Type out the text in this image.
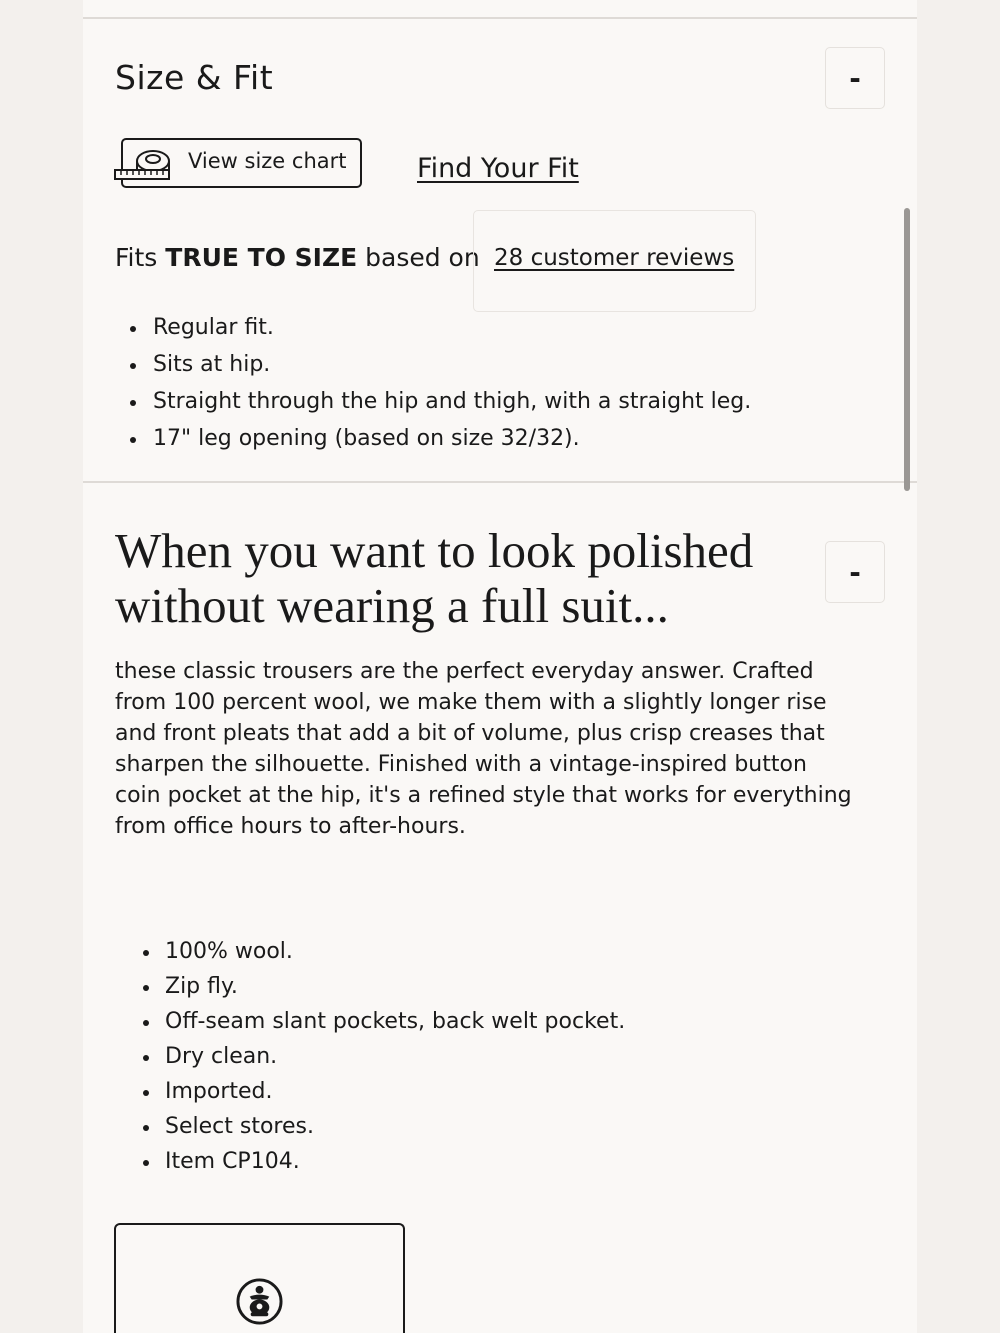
Size & Fit	-
View size chart	Find Your Fit

Fits TRUE TO SIZE based on 28 customer reviews
Regular fit.
Sits at hip.
Straight through the hip and thigh, with a straight leg.
17" leg opening (based on size 32/32).
When you want to look polished without wearing a full suit...
-

these classic trousers are the perfect everyday answer. Crafted from 100 percent wool, we make them with a slightly longer rise and front pleats that add a bit of volume, plus crisp creases that sharpen the silhouette. Finished with a vintage-inspired button coin pocket at the hip, it's a refined style that works for everything from office hours to after-hours.

100% wool.
Zip fly.
Off-seam slant pockets, back welt pocket.
Dry clean.
Imported.
Select stores.
Item CP104.
